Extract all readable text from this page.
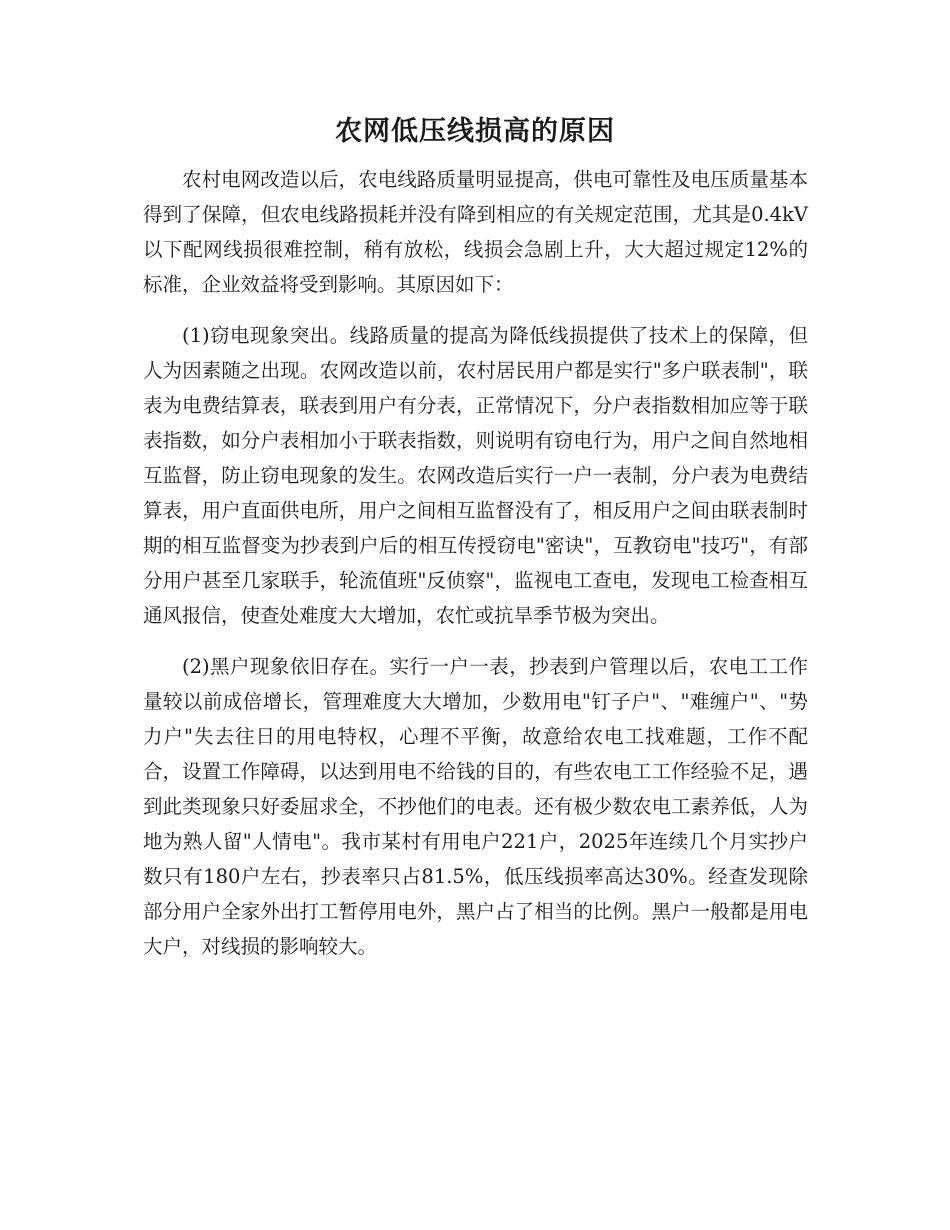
农网低压线损高的原因

农村电网改造以后，农电线路质量明显提高，供电可靠性及电压质量基本得到了保障，但农电线路损耗并没有降到相应的有关规定范围，尤其是0.4kV以下配网线损很难控制，稍有放松，线损会急剧上升，大大超过规定12%的标准，企业效益将受到影响。其原因如下：

(1)窃电现象突出。线路质量的提高为降低线损提供了技术上的保障，但人为因素随之出现。农网改造以前，农村居民用户都是实行"多户联表制"，联表为电费结算表，联表到用户有分表，正常情况下，分户表指数相加应等于联表指数，如分户表相加小于联表指数，则说明有窃电行为，用户之间自然地相互监督，防止窃电现象的发生。农网改造后实行一户一表制，分户表为电费结算表，用户直面供电所，用户之间相互监督没有了，相反用户之间由联表制时期的相互监督变为抄表到户后的相互传授窃电"密诀"，互教窃电"技巧"，有部分用户甚至几家联手，轮流值班"反侦察"，监视电工查电，发现电工检查相互通风报信，使查处难度大大增加，农忙或抗旱季节极为突出。

(2)黑户现象依旧存在。实行一户一表，抄表到户管理以后，农电工工作量较以前成倍增长，管理难度大大增加，少数用电"钉子户"、"难缠户"、"势力户"失去往日的用电特权，心理不平衡，故意给农电工找难题，工作不配合，设置工作障碍，以达到用电不给钱的目的，有些农电工工作经验不足，遇到此类现象只好委屈求全，不抄他们的电表。还有极少数农电工素养低，人为地为熟人留"人情电"。我市某村有用电户221户，2025年连续几个月实抄户数只有180户左右，抄表率只占81.5%，低压线损率高达30%。经查发现除部分用户全家外出打工暂停用电外，黑户占了相当的比例。黑户一般都是用电大户，对线损的影响较大。
